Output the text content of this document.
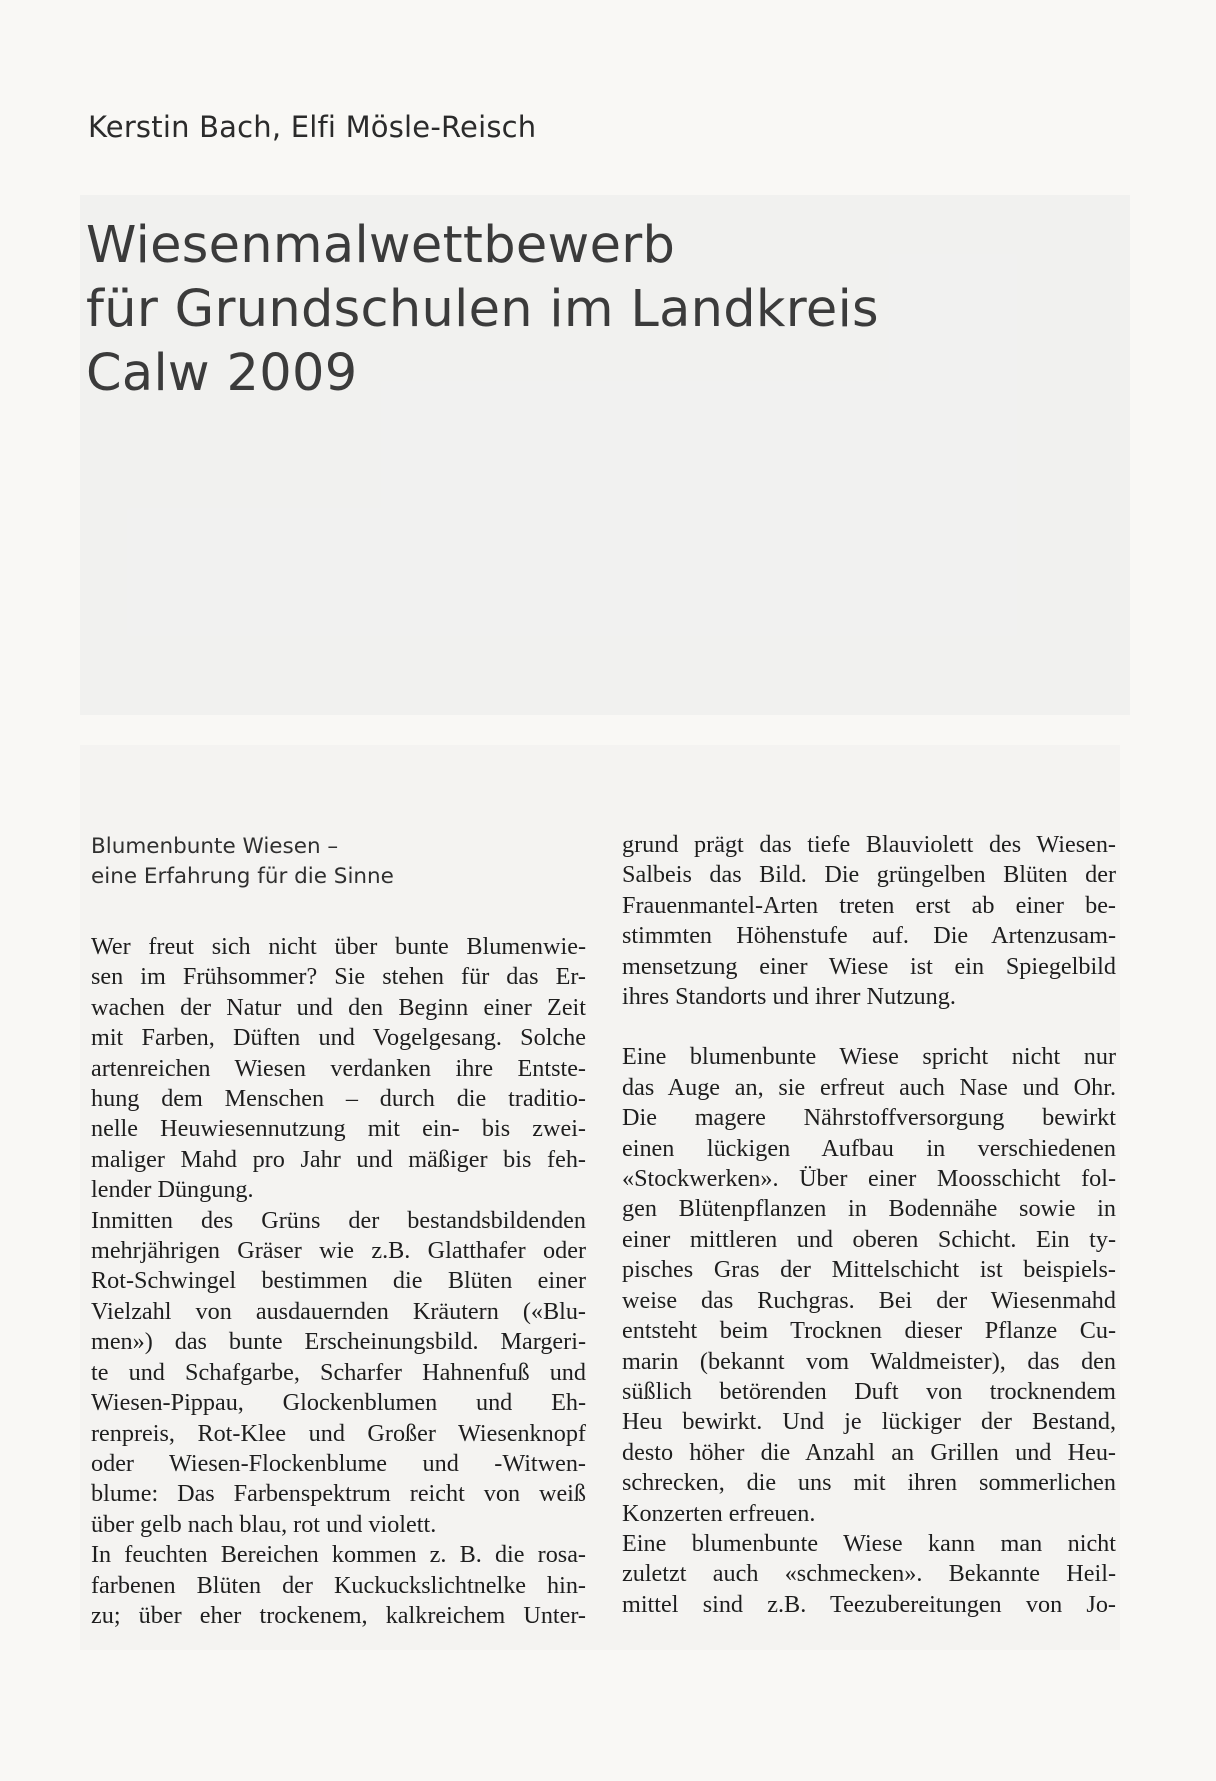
Kerstin Bach, Elfi Mösle-Reisch
Wiesenmalwettbewerb
für Grundschulen im Landkreis
Calw 2009
Blumenbunte Wiesen –
eine Erfahrung für die Sinne
Wer freut sich nicht über bunte Blumenwie-
sen im Frühsommer? Sie stehen für das Er-
wachen der Natur und den Beginn einer Zeit
mit Farben, Düften und Vogelgesang. Solche
artenreichen Wiesen verdanken ihre Entste-
hung dem Menschen – durch die traditio-
nelle Heuwiesennutzung mit ein- bis zwei-
maliger Mahd pro Jahr und mäßiger bis feh-
lender Düngung.
Inmitten des Grüns der bestandsbildenden
mehrjährigen Gräser wie z.B. Glatthafer oder
Rot-Schwingel bestimmen die Blüten einer
Vielzahl von ausdauernden Kräutern («Blu-
men») das bunte Erscheinungsbild. Margeri-
te und Schafgarbe, Scharfer Hahnenfuß und
Wiesen-Pippau, Glockenblumen und Eh-
renpreis, Rot-Klee und Großer Wiesenknopf
oder Wiesen-Flockenblume und -Witwen-
blume: Das Farbenspektrum reicht von weiß
über gelb nach blau, rot und violett.
In feuchten Bereichen kommen z. B. die rosa-
farbenen Blüten der Kuckuckslichtnelke hin-
zu; über eher trockenem, kalkreichem Unter-
grund prägt das tiefe Blauviolett des Wiesen-
Salbeis das Bild. Die grüngelben Blüten der
Frauenmantel-Arten treten erst ab einer be-
stimmten Höhenstufe auf. Die Artenzusam-
mensetzung einer Wiese ist ein Spiegelbild
ihres Standorts und ihrer Nutzung.
Eine blumenbunte Wiese spricht nicht nur
das Auge an, sie erfreut auch Nase und Ohr.
Die magere Nährstoffversorgung bewirkt
einen lückigen Aufbau in verschiedenen
«Stockwerken». Über einer Moosschicht fol-
gen Blütenpflanzen in Bodennähe sowie in
einer mittleren und oberen Schicht. Ein ty-
pisches Gras der Mittelschicht ist beispiels-
weise das Ruchgras. Bei der Wiesenmahd
entsteht beim Trocknen dieser Pflanze Cu-
marin (bekannt vom Waldmeister), das den
süßlich betörenden Duft von trocknendem
Heu bewirkt. Und je lückiger der Bestand,
desto höher die Anzahl an Grillen und Heu-
schrecken, die uns mit ihren sommerlichen
Konzerten erfreuen.
Eine blumenbunte Wiese kann man nicht
zuletzt auch «schmecken». Bekannte Heil-
mittel sind z.B. Teezubereitungen von Jo-
